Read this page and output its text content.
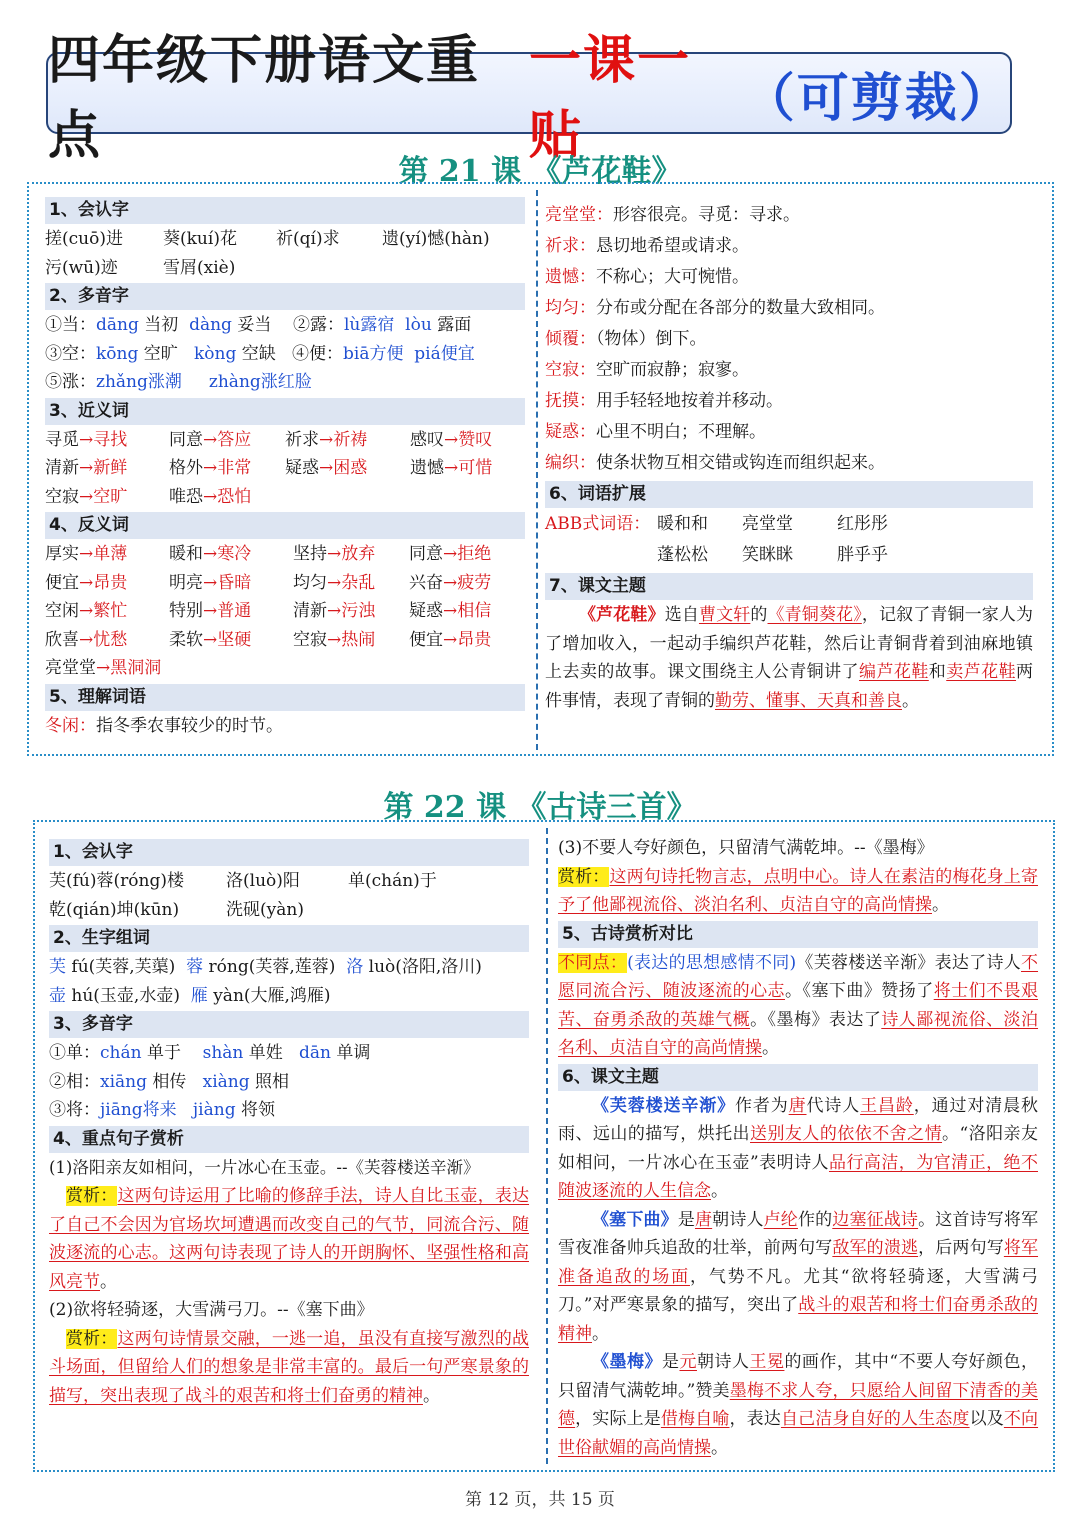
四年级下册语文重点
一课一贴
（可剪裁）
第 21 课 《芦花鞋》
1、会认字
搓(cuō)进 葵(kuí)花 祈(qí)求 遗(yí)憾(hàn)
污(wū)迹	雪屑(xiè)
2、多音字
①当：dāng 当初 dàng 妥当 ②露：lù露宿 lòu 露面
③空：kōng 空旷 kòng 空缺 ④便：biā方便 piá便宜
⑤涨：zhǎng涨潮 zhàng涨红脸
3、近义词
寻觅→寻找 同意→答应 祈求→祈祷	感叹→赞叹
清新→新鲜 格外→非常 疑惑→困惑	遗憾→可惜
空寂→空旷 唯恐→恐怕
4、反义词
厚实→单薄 暖和→寒冷 坚持→放弃 同意→拒绝
便宜→昂贵 明亮→昏暗 均匀→杂乱 兴奋→疲劳
空闲→繁忙 特别→普通 清新→污浊 疑惑→相信
欣喜→忧愁 柔软→坚硬 空寂→热闹 便宜→昂贵
亮堂堂→黑洞洞
5、理解词语
冬闲：指冬季农事较少的时节。
亮堂堂：形容很亮。寻觅：寻求。
祈求：恳切地希望或请求。
遗憾：不称心；大可惋惜。
均匀：分布或分配在各部分的数量大致相同。
倾覆：（物体）倒下。
空寂：空旷而寂静；寂寥。
抚摸：用手轻轻地按着并移动。
疑惑：心里不明白；不理解。
编织：使条状物互相交错或钩连而组织起来。
6、词语扩展
ABB式词语： 暖和和 亮堂堂	红彤彤
蓬松松 笑眯眯	胖乎乎
7、课文主题
《芦花鞋》选自曹文轩的《青铜葵花》，记叙了青铜一家人为了增加收入，一起动手编织芦花鞋，然后让青铜背着到油麻地镇上去卖的故事。课文围绕主人公青铜讲了编芦花鞋和卖芦花鞋两件事情，表现了青铜的勤劳、懂事、天真和善良。
第 22 课 《古诗三首》
1、会认字
芙(fú)蓉(róng)楼 洛(luò)阳	单(chán)于
乾(qián)坤(kūn)	洗砚(yàn)
2、生字组词
芙 fú(芙蓉,芙蕖) 蓉 róng(芙蓉,莲蓉) 洛 luò(洛阳,洛川)
壶 hú(玉壶,水壶) 雁 yàn(大雁,鸿雁)
3、多音字
①单：chán 单于 shàn 单姓 dān 单调
②相：xiāng 相传 xiàng 照相
③将：jiāng将来 jiàng 将领
4、重点句子赏析
(1)洛阳亲友如相问，一片冰心在玉壶。--《芙蓉楼送辛渐》
赏析：这两句诗运用了比喻的修辞手法，诗人自比玉壶，表达了自己不会因为官场坎坷遭遇而改变自己的气节，同流合污、随波逐流的心志。这两句诗表现了诗人的开朗胸怀、坚强性格和高风亮节。
(2)欲将轻骑逐，大雪满弓刀。--《塞下曲》
赏析：这两句诗情景交融，一逃一追，虽没有直接写激烈的战斗场面，但留给人们的想象是非常丰富的。最后一句严寒景象的描写，突出表现了战斗的艰苦和将士们奋勇的精神。
(3)不要人夸好颜色，只留清气满乾坤。--《墨梅》
赏析：这两句诗托物言志，点明中心。诗人在素洁的梅花身上寄予了他鄙视流俗、淡泊名利、贞洁自守的高尚情操。
5、古诗赏析对比
不同点：(表达的思想感情不同)《芙蓉楼送辛渐》表达了诗人不愿同流合污、随波逐流的心志。《塞下曲》赞扬了将士们不畏艰苦、奋勇杀敌的英雄气概。《墨梅》表达了诗人鄙视流俗、淡泊名利、贞洁自守的高尚情操。
6、课文主题
《芙蓉楼送辛渐》作者为唐代诗人王昌龄，通过对清晨秋雨、远山的描写，烘托出送别友人的依依不舍之情。“洛阳亲友如相问，一片冰心在玉壶”表明诗人品行高洁，为官清正，绝不随波逐流的人生信念。
《塞下曲》是唐朝诗人卢纶作的边塞征战诗。这首诗写将军雪夜准备帅兵追敌的壮举，前两句写敌军的溃逃，后两句写将军准备追敌的场面，气势不凡。尤其“欲将轻骑逐，大雪满弓刀。”对严寒景象的描写，突出了战斗的艰苦和将士们奋勇杀敌的精神。
《墨梅》是元朝诗人王冕的画作，其中“不要人夸好颜色，只留清气满乾坤。”赞美墨梅不求人夸，只愿给人间留下清香的美德，实际上是借梅自喻，表达自己洁身自好的人生态度以及不向世俗献媚的高尚情操。
第 12 页，共 15 页
